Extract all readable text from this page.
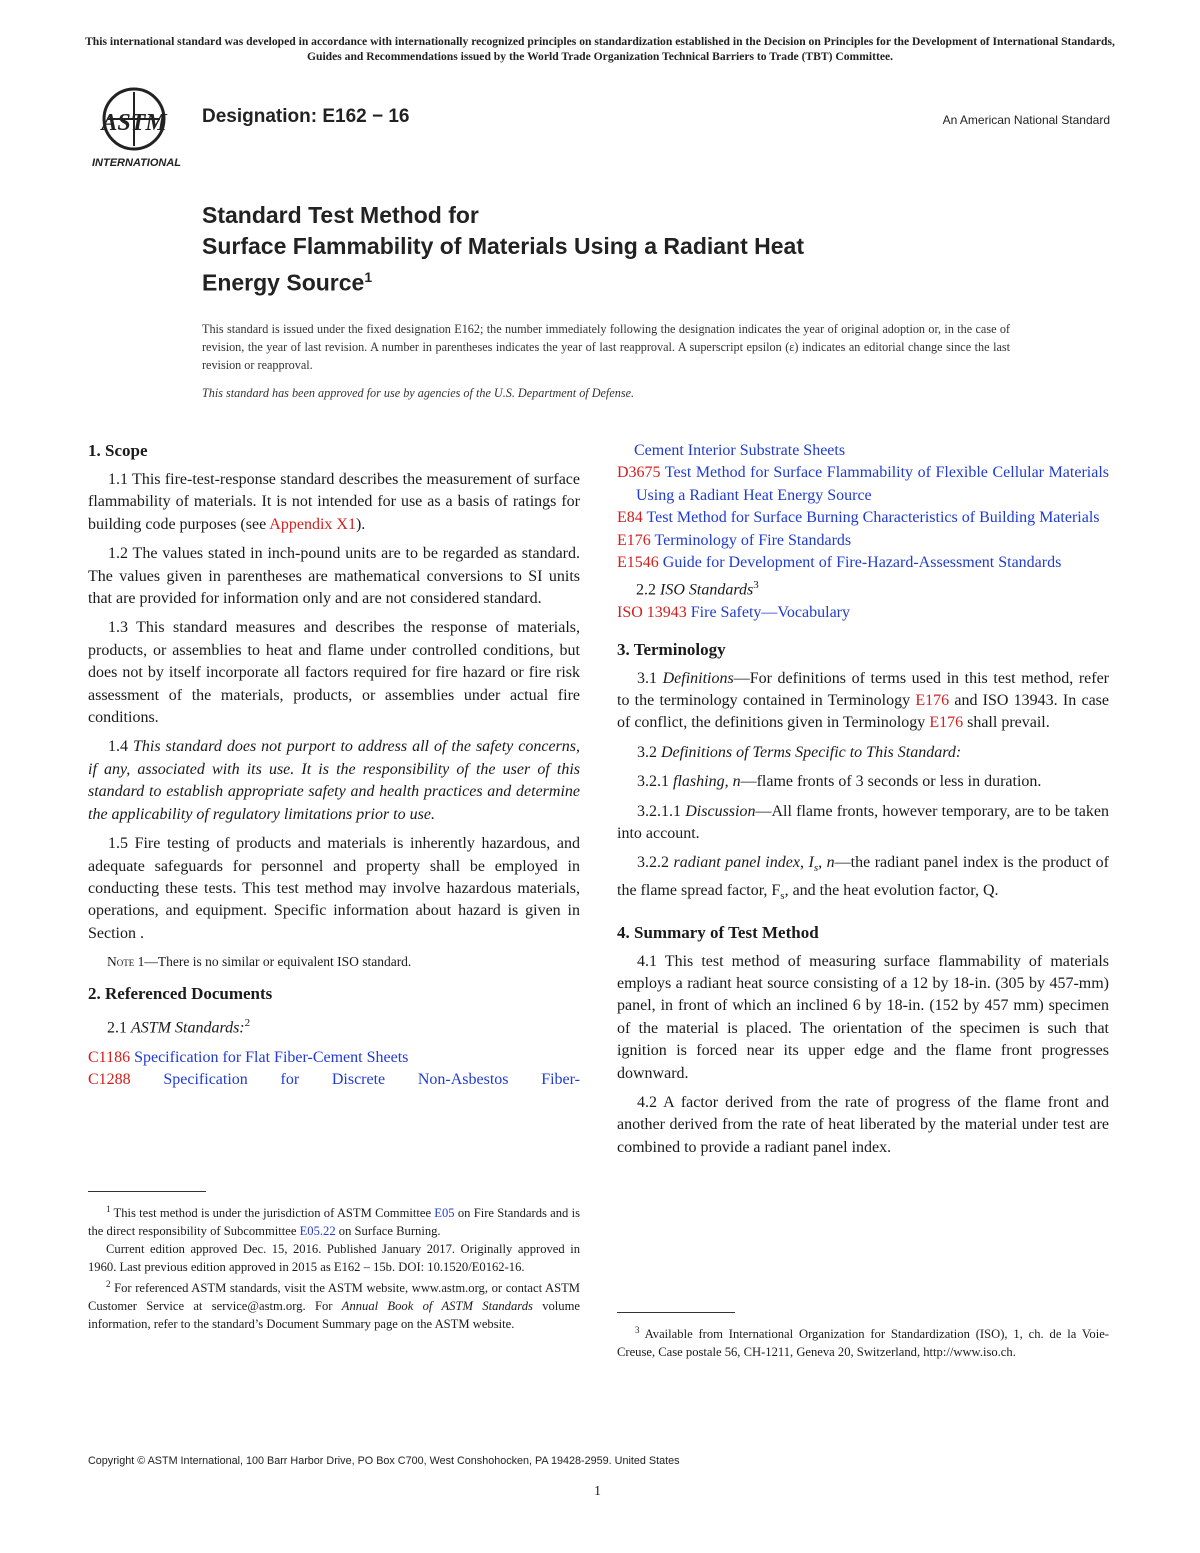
This international standard was developed in accordance with internationally recognized principles on standardization established in the Decision on Principles for the Development of International Standards, Guides and Recommendations issued by the World Trade Organization Technical Barriers to Trade (TBT) Committee.
ASTM
INTERNATIONAL
Designation: E162 − 16	An American National Standard
Standard Test Method for
Surface Flammability of Materials Using a Radiant Heat
Energy Source$^1$
This standard is issued under the fixed designation E162; the number immediately following the designation indicates the year of original adoption or, in the case of revision, the year of last revision. A number in parentheses indicates the year of last reapproval. A superscript epsilon (ε) indicates an editorial change since the last revision or reapproval.
This standard has been approved for use by agencies of the U.S. Department of Defense.
1. Scope

1.1 This fire-test-response standard describes the measurement of surface flammability of materials. It is not intended for use as a basis of ratings for building code purposes (see Appendix X1).

1.2 The values stated in inch-pound units are to be regarded as standard. The values given in parentheses are mathematical conversions to SI units that are provided for information only and are not considered standard.

1.3 This standard measures and describes the response of materials, products, or assemblies to heat and flame under controlled conditions, but does not by itself incorporate all factors required for fire hazard or fire risk assessment of the materials, products, or assemblies under actual fire conditions.

1.4 This standard does not purport to address all of the safety concerns, if any, associated with its use. It is the responsibility of the user of this standard to establish appropriate safety and health practices and determine the applicability of regulatory limitations prior to use.

1.5 Fire testing of products and materials is inherently hazardous, and adequate safeguards for personnel and property shall be employed in conducting these tests. This test method may involve hazardous materials, operations, and equipment. Specific information about hazard is given in Section .

Note 1—There is no similar or equivalent ISO standard.
2. Referenced Documents

2.1 ASTM Standards:$^2$

C1186 Specification for Flat Fiber-Cement Sheets
C1288 Specification for Discrete Non-Asbestos Fiber-

$^1$ This test method is under the jurisdiction of ASTM Committee E05 on Fire Standards and is the direct responsibility of Subcommittee E05.22 on Surface Burning.

Current edition approved Dec. 15, 2016. Published January 2017. Originally approved in 1960. Last previous edition approved in 2015 as E162 – 15b. DOI: 10.1520/E0162-16.

$^2$ For referenced ASTM standards, visit the ASTM website, www.astm.org, or contact ASTM Customer Service at service@astm.org. For Annual Book of ASTM Standards volume information, refer to the standard’s Document Summary page on the ASTM website.

Cement Interior Substrate Sheets
D3675 Test Method for Surface Flammability of Flexible Cellular Materials Using a Radiant Heat Energy Source
E84 Test Method for Surface Burning Characteristics of Building Materials
E176 Terminology of Fire Standards
E1546 Guide for Development of Fire-Hazard-Assessment Standards

2.2 ISO Standards$^3$

ISO 13943 Fire Safety—Vocabulary
3. Terminology

3.1 Definitions—For definitions of terms used in this test method, refer to the terminology contained in Terminology E176 and ISO 13943. In case of conflict, the definitions given in Terminology E176 shall prevail.

3.2 Definitions of Terms Specific to This Standard:

3.2.1 flashing, n—flame fronts of 3 seconds or less in duration.

3.2.1.1 Discussion—All flame fronts, however temporary, are to be taken into account.

3.2.2 radiant panel index, $I_s$, n—the radiant panel index is the product of the flame spread factor, $F_s$, and the heat evolution factor, Q.

4. Summary of Test Method

4.1 This test method of measuring surface flammability of materials employs a radiant heat source consisting of a 12 by 18-in. (305 by 457-mm) panel, in front of which an inclined 6 by 18-in. (152 by 457 mm) specimen of the material is placed. The orientation of the specimen is such that ignition is forced near its upper edge and the flame front progresses downward.

4.2 A factor derived from the rate of progress of the flame front and another derived from the rate of heat liberated by the material under test are combined to provide a radiant panel index.

$^3$ Available from International Organization for Standardization (ISO), 1, ch. de la Voie-Creuse, Case postale 56, CH-1211, Geneva 20, Switzerland, http://www.iso.ch.

Copyright © ASTM International, 100 Barr Harbor Drive, PO Box C700, West Conshohocken, PA 19428-2959. United States
1
